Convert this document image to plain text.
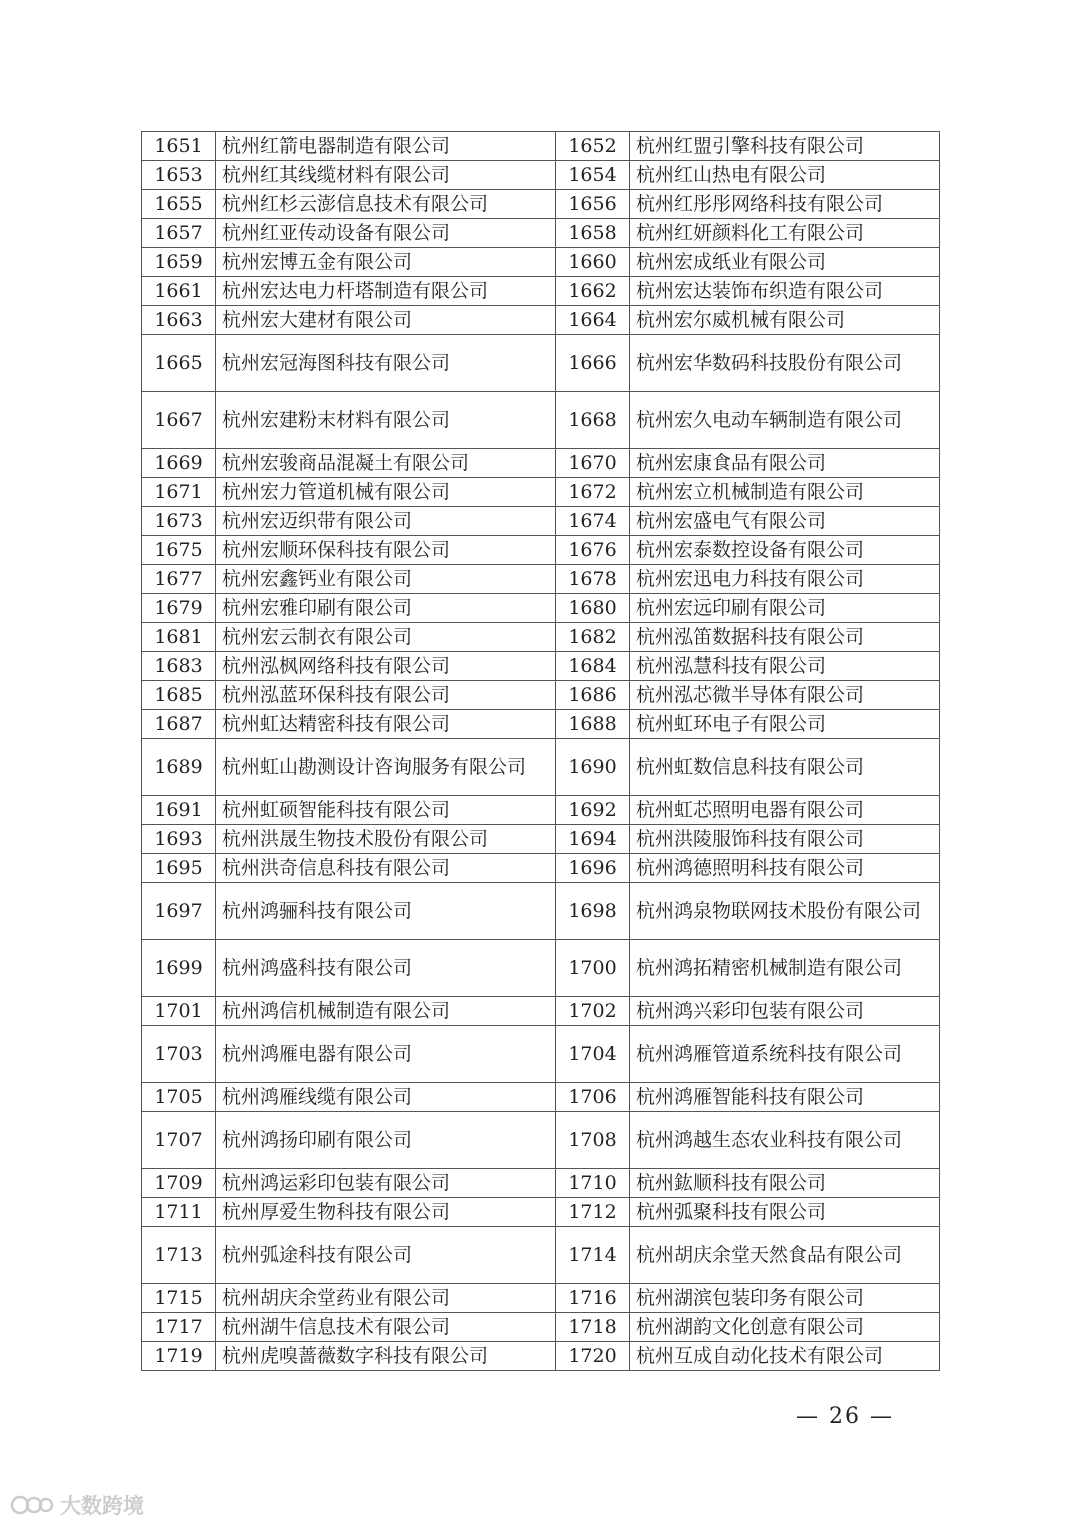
1651	杭州红箭电器制造有限公司	1652	杭州红盟引擎科技有限公司
1653	杭州红其线缆材料有限公司	1654	杭州红山热电有限公司
1655	杭州红杉云澎信息技术有限公司	1656	杭州红彤彤网络科技有限公司
1657	杭州红亚传动设备有限公司	1658	杭州红妍颜料化工有限公司
1659	杭州宏博五金有限公司	1660	杭州宏成纸业有限公司
1661	杭州宏达电力杆塔制造有限公司	1662	杭州宏达装饰布织造有限公司
1663	杭州宏大建材有限公司	1664	杭州宏尔威机械有限公司
1665	杭州宏冠海图科技有限公司	1666	杭州宏华数码科技股份有限公司
1667	杭州宏建粉末材料有限公司	1668	杭州宏久电动车辆制造有限公司
1669	杭州宏骏商品混凝土有限公司	1670	杭州宏康食品有限公司
1671	杭州宏力管道机械有限公司	1672	杭州宏立机械制造有限公司
1673	杭州宏迈织带有限公司	1674	杭州宏盛电气有限公司
1675	杭州宏顺环保科技有限公司	1676	杭州宏泰数控设备有限公司
1677	杭州宏鑫钙业有限公司	1678	杭州宏迅电力科技有限公司
1679	杭州宏雅印刷有限公司	1680	杭州宏远印刷有限公司
1681	杭州宏云制衣有限公司	1682	杭州泓笛数据科技有限公司
1683	杭州泓枫网络科技有限公司	1684	杭州泓慧科技有限公司
1685	杭州泓蓝环保科技有限公司	1686	杭州泓芯微半导体有限公司
1687	杭州虹达精密科技有限公司	1688	杭州虹环电子有限公司
1689	杭州虹山勘测设计咨询服务有限公司	1690	杭州虹数信息科技有限公司
1691	杭州虹硕智能科技有限公司	1692	杭州虹芯照明电器有限公司
1693	杭州洪晟生物技术股份有限公司	1694	杭州洪陵服饰科技有限公司
1695	杭州洪奇信息科技有限公司	1696	杭州鸿德照明科技有限公司
1697	杭州鸿骊科技有限公司	1698	杭州鸿泉物联网技术股份有限公司
1699	杭州鸿盛科技有限公司	1700	杭州鸿拓精密机械制造有限公司
1701	杭州鸿信机械制造有限公司	1702	杭州鸿兴彩印包装有限公司
1703	杭州鸿雁电器有限公司	1704	杭州鸿雁管道系统科技有限公司
1705	杭州鸿雁线缆有限公司	1706	杭州鸿雁智能科技有限公司
1707	杭州鸿扬印刷有限公司	1708	杭州鸿越生态农业科技有限公司
1709	杭州鸿运彩印包装有限公司	1710	杭州鈜顺科技有限公司
1711	杭州厚爱生物科技有限公司	1712	杭州弧聚科技有限公司
1713	杭州弧途科技有限公司	1714	杭州胡庆余堂天然食品有限公司
1715	杭州胡庆余堂药业有限公司	1716	杭州湖滨包装印务有限公司
1717	杭州湖牛信息技术有限公司	1718	杭州湖韵文化创意有限公司
1719	杭州虎嗅蔷薇数字科技有限公司	1720	杭州互成自动化技术有限公司
— 26 —
大数跨境
